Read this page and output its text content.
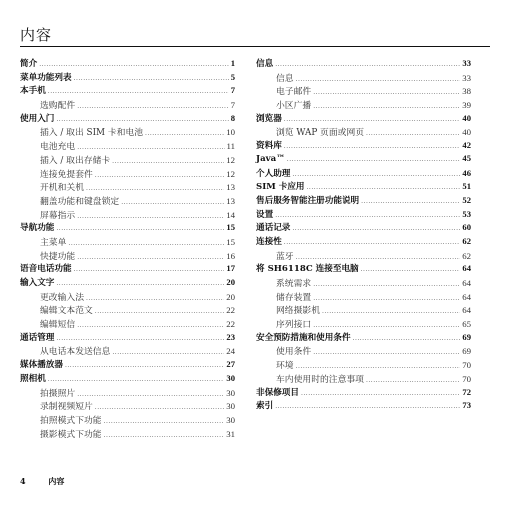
内容
简介 .....	1
菜单功能列表 .....	5
本手机 .....	7
选购配件 .....	7
使用入门 .....	8
插入 / 取出 SIM 卡和电池 .....	10
电池充电 .....	11
插入 / 取出存储卡 .....	12
连接免提套件 .....	12
开机和关机 .....	13
翻盖功能和键盘锁定 .....	13
屏幕指示 .....	14
导航功能 .....	15
主菜单 .....	15
快捷功能 .....	16
语音电话功能 .....	17
输入文字 .....	20
更改输入法 .....	20
编辑文本范文 .....	22
编辑短信 .....	22
通话管理 .....	23
从电话本发送信息 .....	24
媒体播放器 .....	27
照相机 .....	30
拍摄照片 .....	30
录制视频短片 .....	30
拍照模式下功能 .....	30
摄影模式下功能 .....	31
信息 .....	33
信息 .....	33
电子邮件 .....	38
小区广播 .....	39
浏览器 .....	40
浏览 WAP 页面或网页 .....	40
资料库 .....	42
Java™ .....	45
个人助理 .....	46
SIM 卡应用 .....	51
售后服务智能注册功能说明 .....	52
设置 .....	53
通话记录 .....	60
连接性 .....	62
蓝牙 .....	62
将 SH6118C 连接至电脑 .....	64
系统需求 .....	64
储存装置 .....	64
网络摄影机 .....	64
序列接口 .....	65
安全预防措施和使用条件 .....	69
使用条件 .....	69
环境 .....	70
车内使用时的注意事项 .....	70
非保修项目 .....	72
索引 .....	73
4	内容
